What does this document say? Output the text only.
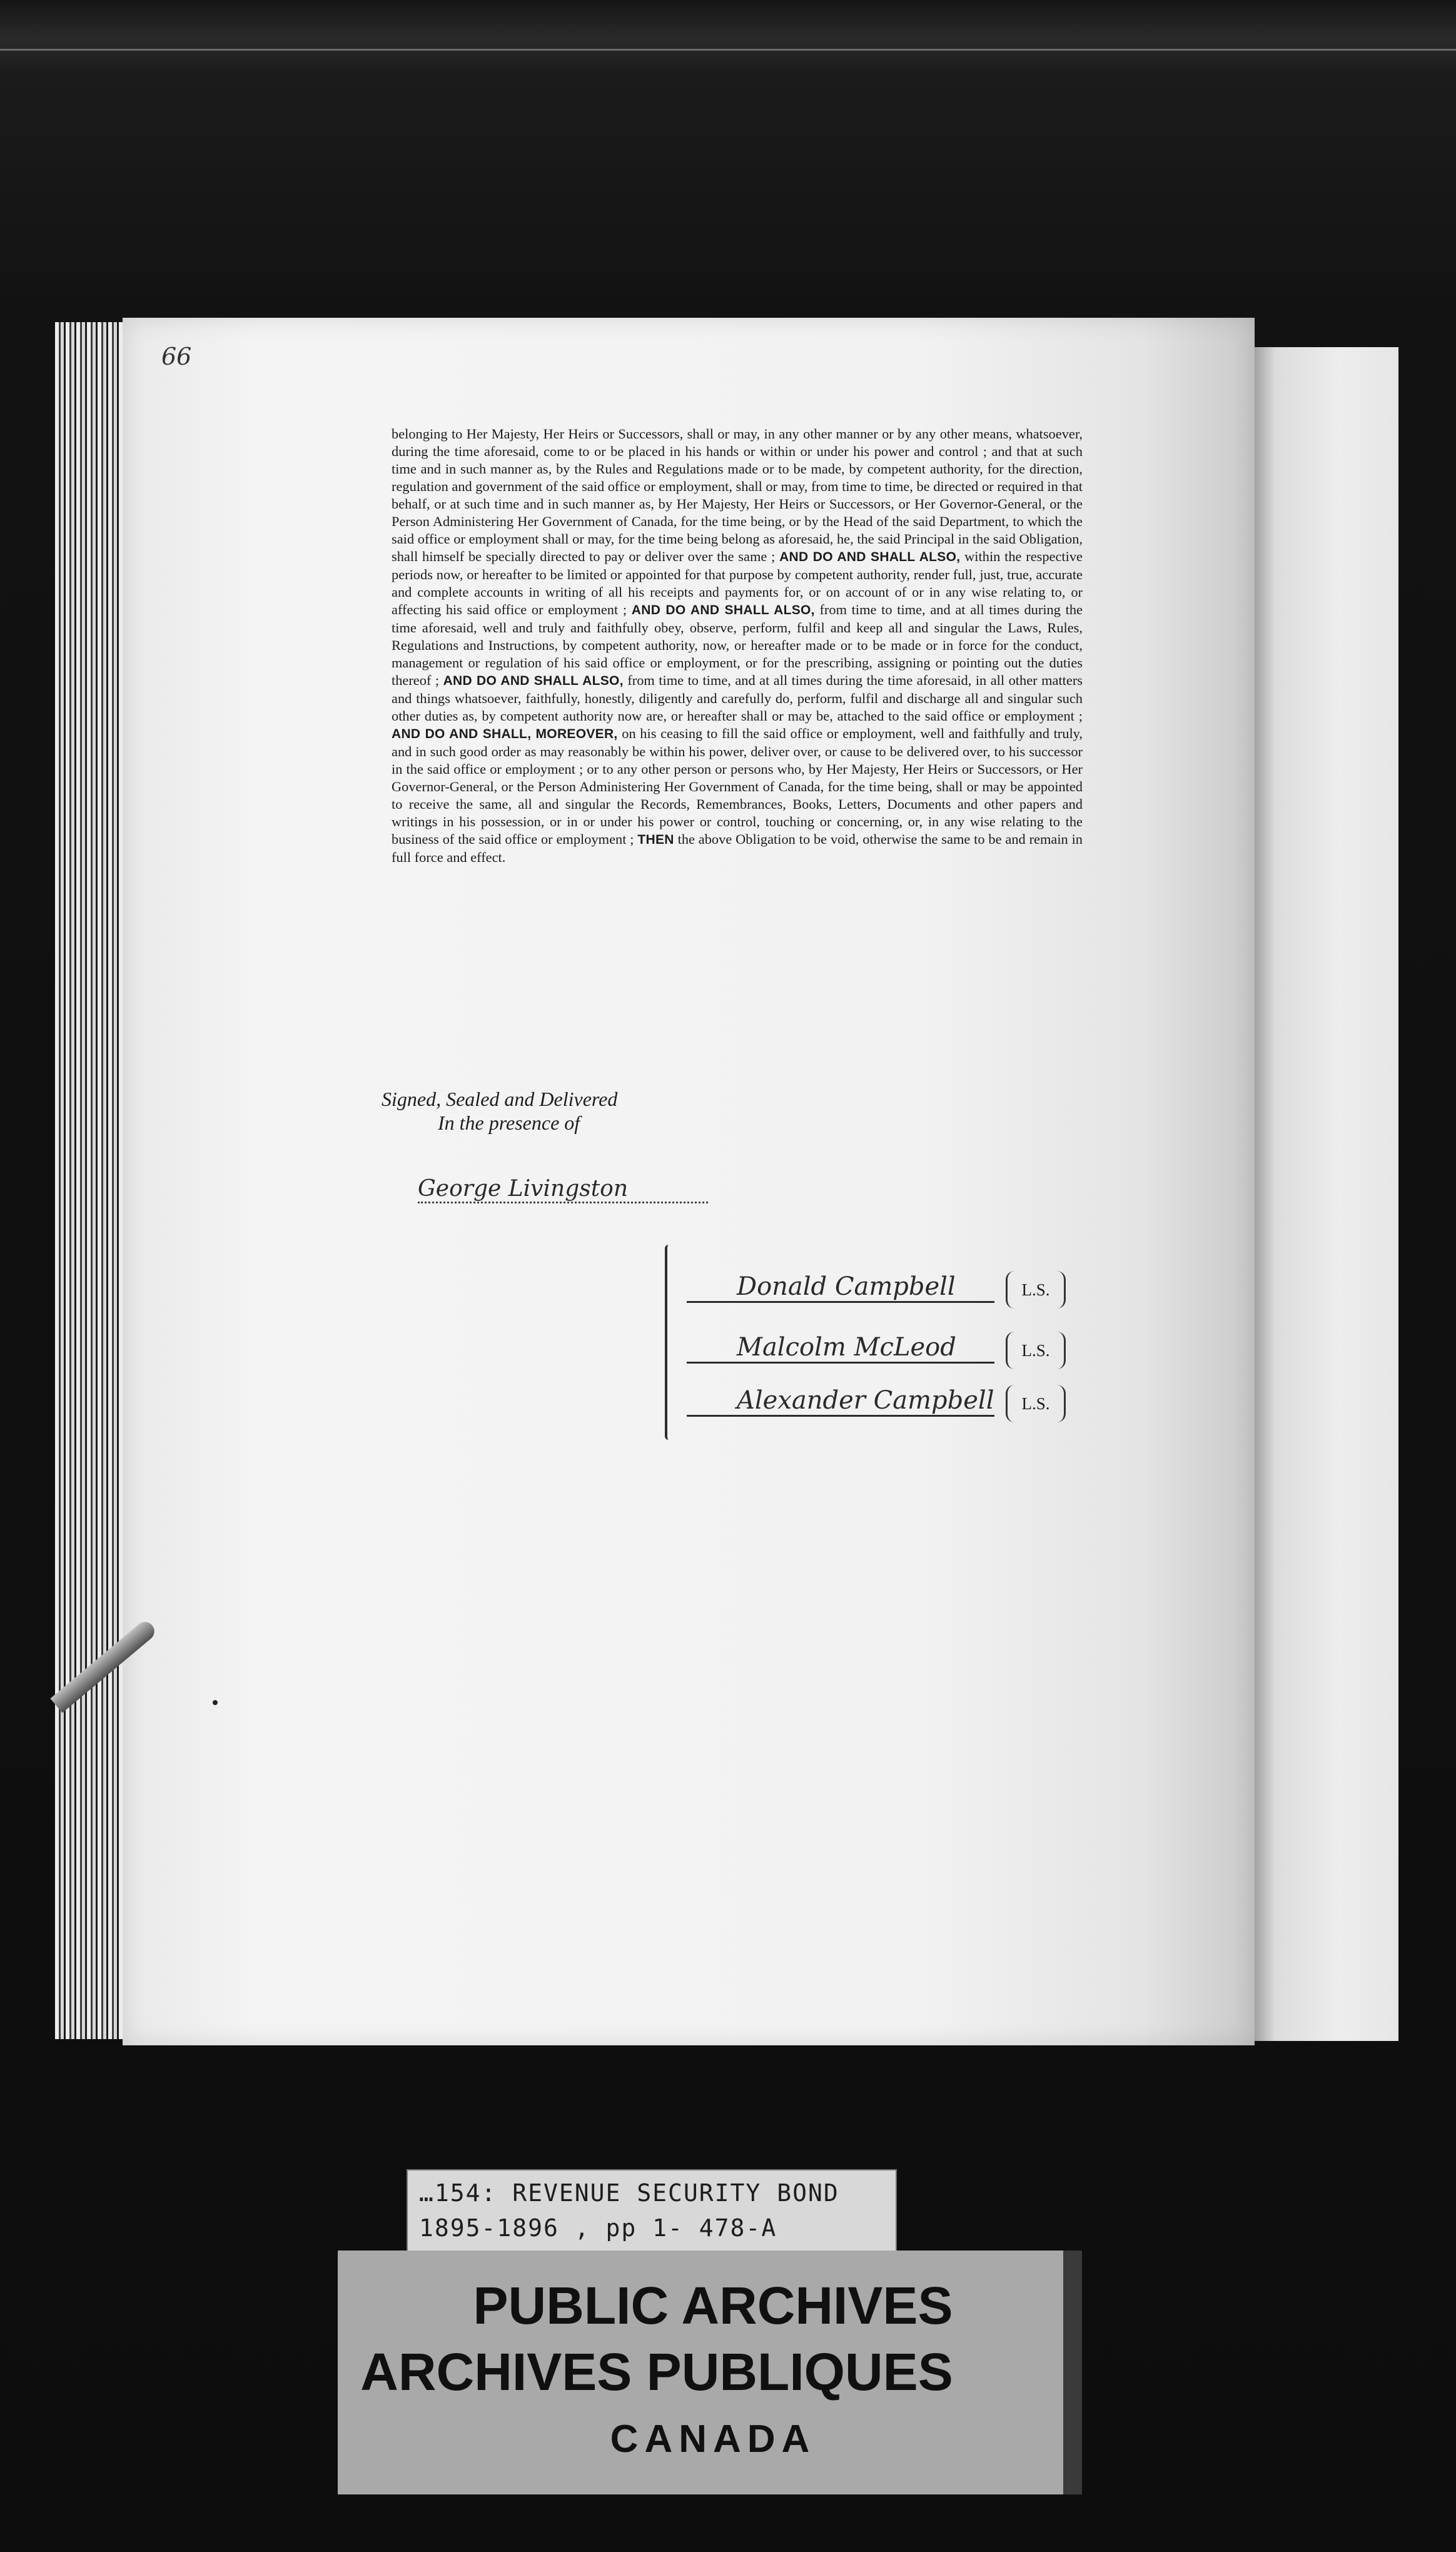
66

belonging to Her Majesty, Her Heirs or Successors, shall or may, in any other manner or by any other means, whatsoever, during the time aforesaid, come to or be placed in his hands or within or under his power and control ; and that at such time and in such manner as, by the Rules and Regulations made or to be made, by competent authority, for the direction, regulation and government of the said office or employment, shall or may, from time to time, be directed or required in that behalf, or at such time and in such manner as, by Her Majesty, Her Heirs or Successors, or Her Governor-General, or the Person Administering Her Government of Canada, for the time being, or by the Head of the said Department, to which the said office or employment shall or may, for the time being belong as aforesaid, he, the said Principal in the said Obligation, shall himself be specially directed to pay or deliver over the same ; AND DO AND SHALL ALSO, within the respective periods now, or hereafter to be limited or appointed for that purpose by competent authority, render full, just, true, accurate and complete accounts in writing of all his receipts and payments for, or on account of or in any wise relating to, or affecting his said office or employment ; AND DO AND SHALL ALSO, from time to time, and at all times during the time aforesaid, well and truly and faithfully obey, observe, perform, fulfil and keep all and singular the Laws, Rules, Regulations and Instructions, by competent authority, now, or hereafter made or to be made or in force for the conduct, management or regulation of his said office or employment, or for the prescribing, assigning or pointing out the duties thereof ; AND DO AND SHALL ALSO, from time to time, and at all times during the time aforesaid, in all other matters and things whatsoever, faithfully, honestly, diligently and carefully do, perform, fulfil and discharge all and singular such other duties as, by competent authority now are, or hereafter shall or may be, attached to the said office or employment ; AND DO AND SHALL, MOREOVER, on his ceasing to fill the said office or employment, well and faithfully and truly, and in such good order as may reasonably be within his power, deliver over, or cause to be delivered over, to his successor in the said office or employment ; or to any other person or persons who, by Her Majesty, Her Heirs or Successors, or Her Governor-General, or the Person Administering Her Government of Canada, for the time being, shall or may be appointed to receive the same, all and singular the Records, Remembrances, Books, Letters, Documents and other papers and writings in his possession, or in or under his power or control, touching or concerning, or, in any wise relating to the business of the said office or employment ; THEN the above Obligation to be void, otherwise the same to be and remain in full force and effect.

Signed, Sealed and Delivered
In the presence of
George Livingston
Donald Campbell	L.S.
Malcolm McLeod	L.S.
Alexander Campbell	L.S.
…154: REVENUE SECURITY BOND
1895-1896 , pp 1- 478-A
PUBLIC ARCHIVES
ARCHIVES PUBLIQUES
CANADA
